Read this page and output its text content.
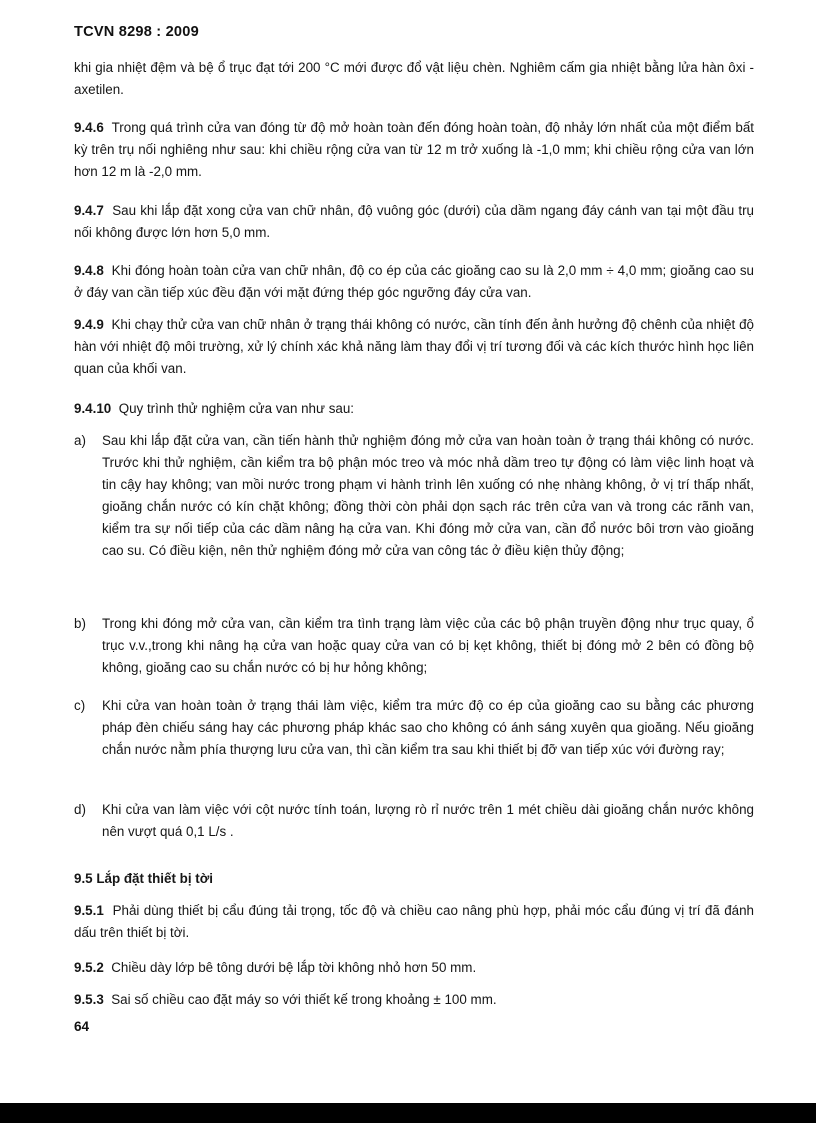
TCVN 8298 : 2009
khi gia nhiệt đệm và bệ ổ trục đạt tới 200 °C mới được đổ vật liệu chèn. Nghiêm cấm gia nhiệt bằng lửa hàn ôxi - axetilen.
9.4.6 Trong quá trình cửa van đóng từ độ mở hoàn toàn đến đóng hoàn toàn, độ nhảy lớn nhất của một điểm bất kỳ trên trụ nối nghiêng như sau: khi chiều rộng cửa van từ 12 m trở xuống là -1,0 mm; khi chiều rộng cửa van lớn hơn 12 m là -2,0 mm.
9.4.7 Sau khi lắp đặt xong cửa van chữ nhân, độ vuông góc (dưới) của dầm ngang đáy cánh van tại một đầu trụ nối không được lớn hơn 5,0 mm.
9.4.8 Khi đóng hoàn toàn cửa van chữ nhân, độ co ép của các gioăng cao su là 2,0 mm ÷ 4,0 mm; gioăng cao su ở đáy van cần tiếp xúc đều đặn với mặt đứng thép góc ngưỡng đáy cửa van.
9.4.9 Khi chạy thử cửa van chữ nhân ở trạng thái không có nước, cần tính đến ảnh hưởng độ chênh của nhiệt độ hàn với nhiệt độ môi trường, xử lý chính xác khả năng làm thay đổi vị trí tương đối và các kích thước hình học liên quan của khối van.
9.4.10 Quy trình thử nghiệm cửa van như sau:
a)	Sau khi lắp đặt cửa van, cần tiến hành thử nghiệm đóng mở cửa van hoàn toàn ở trạng thái không có nước. Trước khi thử nghiệm, cần kiểm tra bộ phận móc treo và móc nhả dầm treo tự động có làm việc linh hoạt và tin cậy hay không; van mồi nước trong phạm vi hành trình lên xuống có nhẹ nhàng không, ở vị trí thấp nhất, gioăng chắn nước có kín chặt không; đồng thời còn phải dọn sạch rác trên cửa van và trong các rãnh van, kiểm tra sự nối tiếp của các dầm nâng hạ cửa van. Khi đóng mở cửa van, cần đổ nước bôi trơn vào gioăng cao su. Có điều kiện, nên thử nghiệm đóng mở cửa van công tác ở điều kiện thủy động;
b)	Trong khi đóng mở cửa van, cần kiểm tra tình trạng làm việc của các bộ phận truyền động như trục quay, ổ trục v.v.,trong khi nâng hạ cửa van hoặc quay cửa van có bị kẹt không, thiết bị đóng mở 2 bên có đồng bộ không, gioăng cao su chắn nước có bị hư hỏng không;
c)	Khi cửa van hoàn toàn ở trạng thái làm việc, kiểm tra mức độ co ép của gioăng cao su bằng các phương pháp đèn chiếu sáng hay các phương pháp khác sao cho không có ánh sáng xuyên qua gioăng. Nếu gioăng chắn nước nằm phía thượng lưu cửa van, thì cần kiểm tra sau khi thiết bị đỡ van tiếp xúc với đường ray;
d)	Khi cửa van làm việc với cột nước tính toán, lượng rò rỉ nước trên 1 mét chiều dài gioăng chắn nước không nên vượt quá 0,1 L/s .
9.5 Lắp đặt thiết bị tời
9.5.1 Phải dùng thiết bị cẩu đúng tải trọng, tốc độ và chiều cao nâng phù hợp, phải móc cẩu đúng vị trí đã đánh dấu trên thiết bị tời.
9.5.2 Chiều dày lớp bê tông dưới bệ lắp tời không nhỏ hơn 50 mm.
9.5.3 Sai số chiều cao đặt máy so với thiết kế trong khoảng ± 100 mm.
64
